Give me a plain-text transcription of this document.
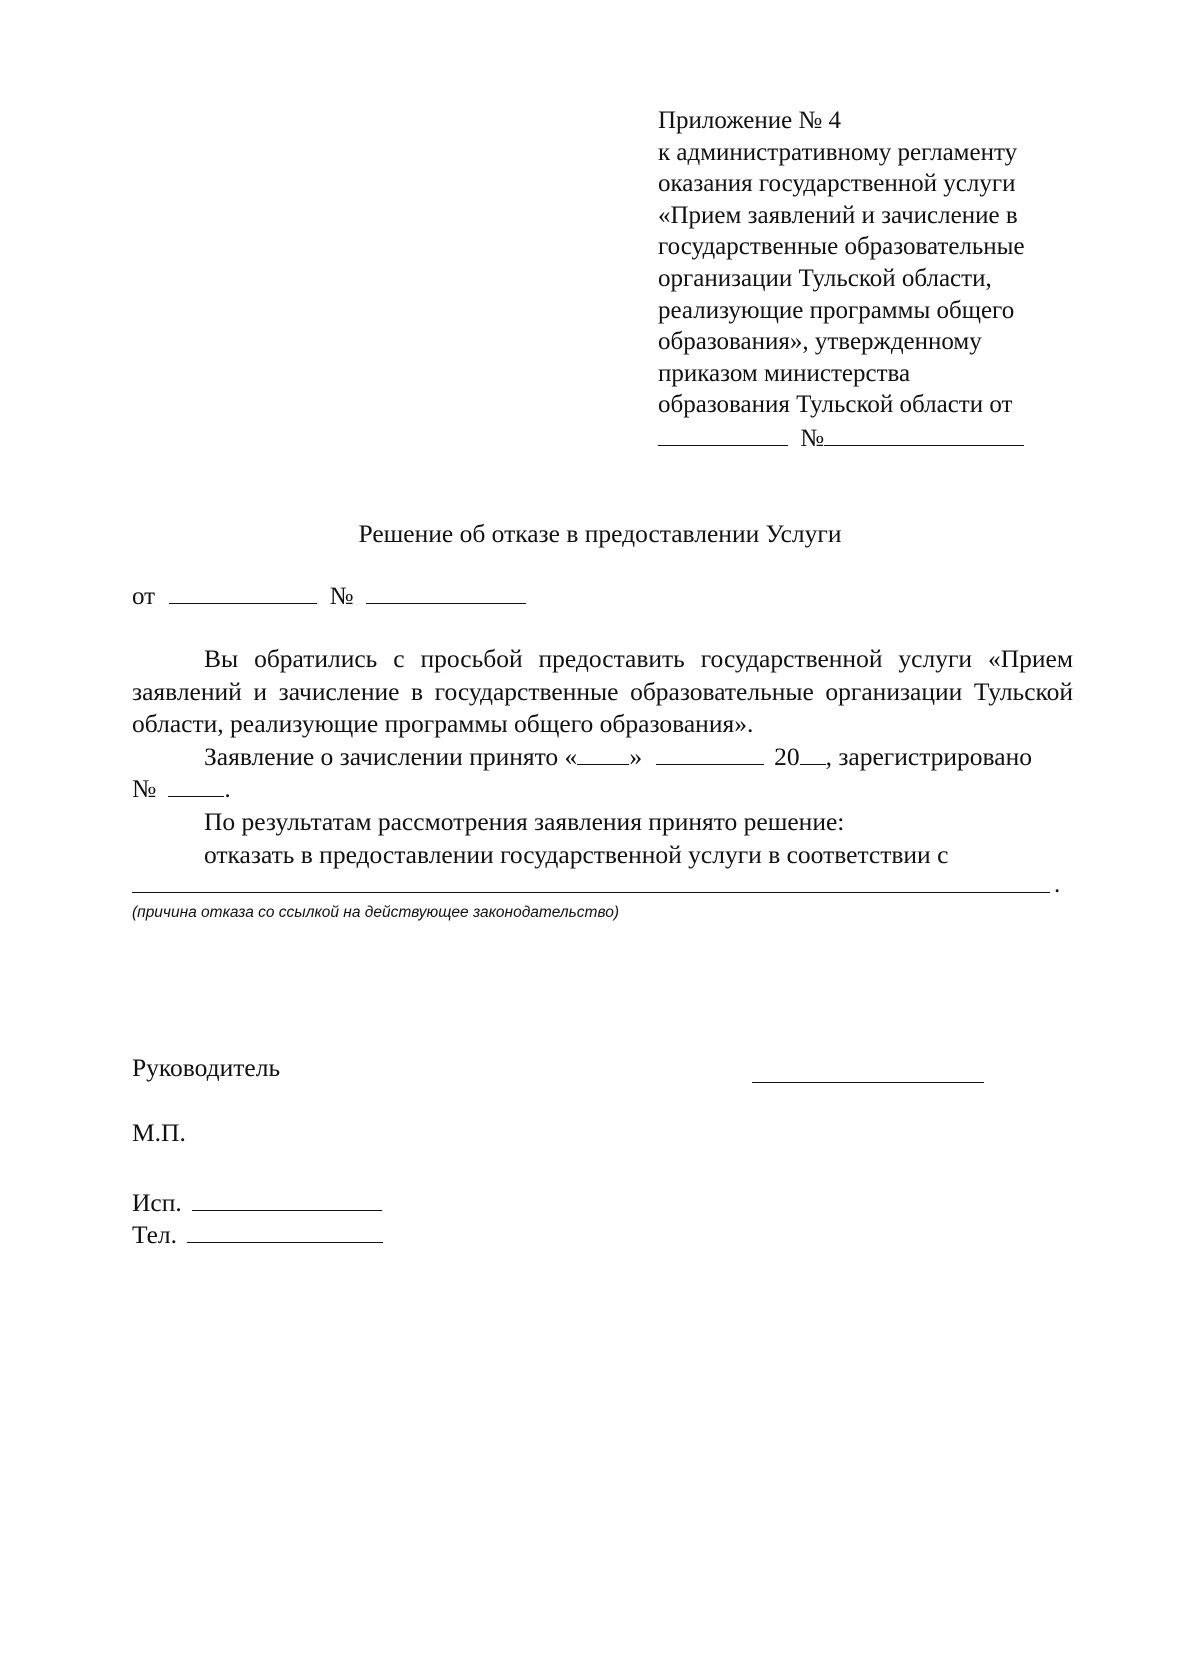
Приложение № 4
к административному регламенту
оказания государственной услуги
«Прием заявлений и зачисление в
государственные образовательные
организации Тульской области,
реализующие программы общего
образования», утвержденному
приказом министерства
образования Тульской области от
№
Решение об отказе в предоставлении Услуги
от	№

Вы обратились с просьбой предоставить государственной услуги «Прием заявлений и зачисление в государственные образовательные организации Тульской области, реализующие программы общего образования».

Заявление о зачислении принято « »	20 , зарегистрировано
№	.
По результатам рассмотрения заявления принято решение:
отказать в предоставлении государственной услуги в соответствии с
.
(причина отказа со ссылкой на действующее законодательство)
Руководитель
М.П.
Исп.
Тел.
